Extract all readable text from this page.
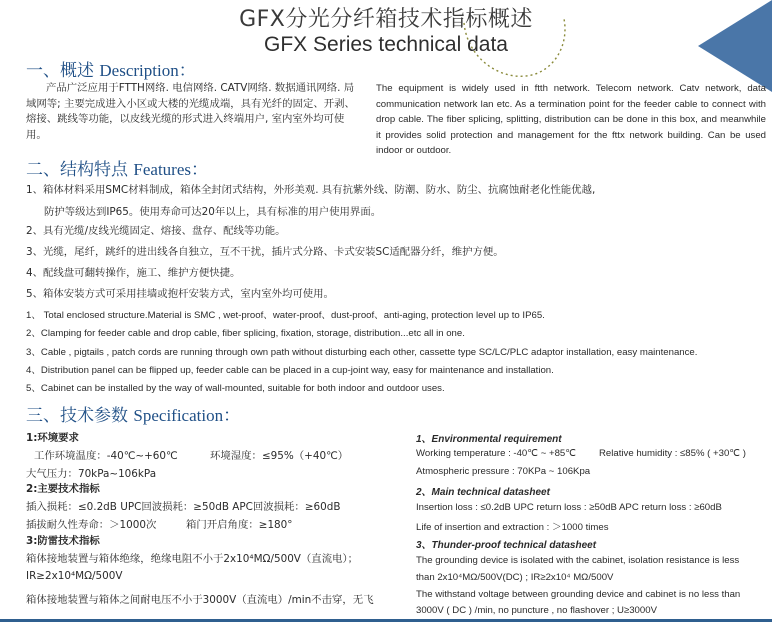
GFX分光分纤箱技术指标概述
GFX Series technical data
一、概述 Description：
产品广泛应用于FTTH网络. 电信网络. CATV网络. 数据通讯网络. 局域网等; 主要完成进入小区或大楼的光缆成端，具有光纤的固定、开剥、熔接、跳线等功能，以皮线光缆的形式进入终端用户, 室内室外均可使用。
The equipment is widely used in ftth network. Telecom network. Catv network, data communication network lan etc. As a termination point for the feeder cable to connect with drop cable. The fiber splicing, splitting, distribution can be done in this box, and meanwhile it provides solid protection and management for the fttx network building. Can be used indoor or outdoor.
二、结构特点 Features：
1、箱体材料采用SMC材料制成，箱体全封闭式结构，外形美观. 具有抗紫外线、防潮、防水、防尘、抗腐蚀耐老化性能优越,
防护等级达到IP65。使用寿命可达20年以上，具有标准的用户使用界面。
2、具有光缆/皮线光缆固定、熔接、盘存、配线等功能。
3、光缆，尾纤，跳纤的进出线各自独立，互不干扰，插片式分路、卡式安装SC适配器分纤，维护方便。
4、配线盘可翻转操作，施工、维护方便快捷。
5、箱体安装方式可采用挂墙或抱杆安装方式，室内室外均可使用。
1、 Total enclosed structure.Material is SMC , wet-proof、water-proof、dust-proof、anti-aging, protection level up to IP65.
2、Clamping for feeder cable and drop cable, fiber splicing, fixation, storage, distribution...etc all in one.
3、Cable , pigtails , patch cords are running through own path without disturbing each other, cassette type SC/LC/PLC adaptor installation, easy maintenance.
4、Distribution panel can be flipped up, feeder cable can be placed in a cup-joint way, easy for maintenance and installation.
5、Cabinet can be installed by the way of wall-mounted, suitable for both indoor and outdoor uses.
三、技术参数 Specification：
1:环境要求
工作环境温度：-40℃~+60℃	环境湿度：≤95%（+40℃）
大气压力：70kPa~106kPa
2:主要技术指标
插入损耗：≤0.2dB UPC回波损耗：≥50dB APC回波损耗：≥60dB
插拔耐久性寿命：＞1000次	箱门开启角度：≥180°
3:防雷技术指标
箱体接地装置与箱体绝缘，绝缘电阻不小于2x10⁴MΩ/500V（直流电）；
IR≥2x10⁴MΩ/500V
箱体接地装置与箱体之间耐电压不小于3000V（直流电）/min不击穿，无飞
1、Environmental requirement
Working temperature : -40℃ ~ +85℃ Relative humidity : ≤85% ( +30℃ )
Atmospheric pressure : 70KPa ~ 106Kpa
2、Main technical datasheet
Insertion loss : ≤0.2dB UPC return loss : ≥50dB APC return loss : ≥60dB
Life of insertion and extraction : ＞1000 times
3、Thunder-proof technical datasheet
The grounding device is isolated with the cabinet, isolation resistance is less
than 2x10⁴MΩ/500V(DC) ; IR≥2x10⁴ MΩ/500V
The withstand voltage between grounding device and cabinet is no less than
3000V ( DC ) /min, no puncture , no flashover ; U≥3000V
